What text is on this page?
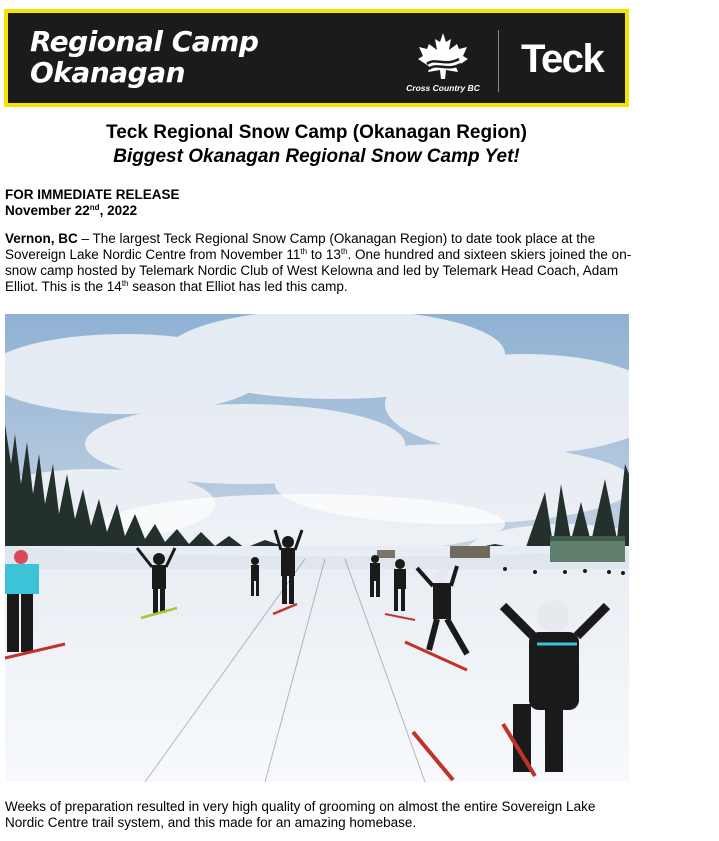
Regional Camp
Okanagan	Cross Country BC
Teck
Teck Regional Snow Camp (Okanagan Region)
Biggest Okanagan Regional Snow Camp Yet!
FOR IMMEDIATE RELEASE
November 22nd, 2022
Vernon, BC – The largest Teck Regional Snow Camp (Okanagan Region) to date took place at the Sovereign Lake Nordic Centre from November 11th to 13th. One hundred and sixteen skiers joined the on-snow camp hosted by Telemark Nordic Club of West Kelowna and led by Telemark Head Coach, Adam Elliot. This is the 14th season that Elliot has led this camp.
Weeks of preparation resulted in very high quality of grooming on almost the entire Sovereign Lake Nordic Centre trail system, and this made for an amazing homebase.
